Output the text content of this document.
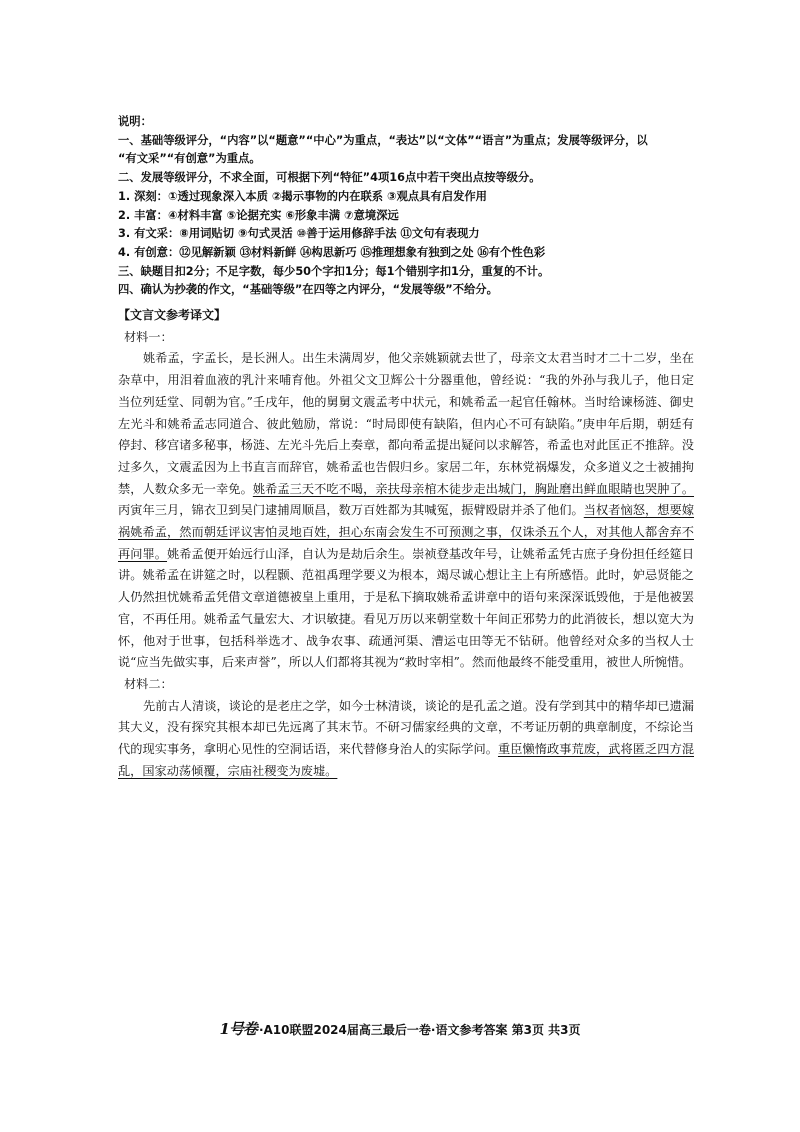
说明：

一、基础等级评分，“内容”以“题意”“中心”为重点，“表达”以“文体”“语言”为重点；发展等级评分，以

“有文采”“有创意”为重点。

二、发展等级评分，不求全面，可根据下列“特征”4项16点中若干突出点按等级分。

1. 深刻：①透过现象深入本质 ②揭示事物的内在联系 ③观点具有启发作用

2. 丰富：④材料丰富 ⑤论据充实 ⑥形象丰满 ⑦意境深远

3. 有文采：⑧用词贴切 ⑨句式灵活 ⑩善于运用修辞手法 ⑪文句有表现力

4. 有创意：⑫见解新颖 ⑬材料新鲜 ⑭构思新巧 ⑮推理想象有独到之处 ⑯有个性色彩

三、缺题目扣2分；不足字数，每少50个字扣1分；每1个错别字扣1分，重复的不计。

四、确认为抄袭的作文，“基础等级”在四等之内评分，“发展等级”不给分。

【文言文参考译文】

材料一：

姚希孟，字孟长，是长洲人。出生未满周岁，他父亲姚颖就去世了，母亲文太君当时才二十二岁，坐在杂草中，用泪着血液的乳汁来哺育他。外祖父文卫辉公十分器重他，曾经说：“我的外孙与我儿子，他日定当位列廷堂、同朝为官。”壬戌年，他的舅舅文震孟考中状元，和姚希孟一起官任翰林。当时给谏杨涟、御史左光斗和姚希孟志同道合、彼此勉励，常说：“时局即使有缺陷，但内心不可有缺陷。”庚申年后期，朝廷有停封、移宫诸多秘事，杨涟、左光斗先后上奏章，都向希孟提出疑问以求解答，希孟也对此匡正不推辞。没过多久，文震孟因为上书直言而辞官，姚希孟也告假归乡。家居二年，东林党祸爆发，众多道义之士被捕拘禁，人数众多无一幸免。姚希孟三天不吃不喝，亲扶母亲棺木徒步走出城门，胸趾磨出鲜血眼睛也哭肿了。丙寅年三月，锦衣卫到吴门逮捕周顺昌，数万百姓都为其喊冤，振臂殴尉并杀了他们。当权者恼怒，想要嫁祸姚希孟，然而朝廷评议害怕灵地百姓，担心东南会发生不可预测之事，仅诛杀五个人，对其他人都舍弃不再问罪。姚希孟便开始远行山泽，自认为是劫后余生。崇祯登基改年号，让姚希孟凭古庶子身份担任经筵日讲。姚希孟在讲筵之时，以程颢、范祖禹理学要义为根本，竭尽诚心想让主上有所感悟。此时，妒忌贤能之人仍然担忧姚希孟凭借文章道德被皇上重用，于是私下摘取姚希孟讲章中的语句来深深诋毁他，于是他被罢官，不再任用。姚希孟气量宏大、才识敏捷。看见万历以来朝堂数十年间正邪势力的此消彼长，想以宽大为怀，他对于世事，包括科举选才、战争农事、疏通河渠、漕运屯田等无不钻研。他曾经对众多的当权人士说“应当先做实事，后来声誉”，所以人们都将其视为“救时宰相”。然而他最终不能受重用，被世人所惋惜。

材料二：

先前古人清谈，谈论的是老庄之学，如今士林清谈，谈论的是孔孟之道。没有学到其中的精华却已遗漏其大义，没有探究其根本却已先远离了其末节。不研习儒家经典的文章，不考证历朝的典章制度，不综论当代的现实事务，拿明心见性的空洞话语，来代替修身治人的实际学问。重臣懒惰政事荒废，武将匿乏四方混乱，国家动荡倾覆，宗庙社稷变为废墟。

1号卷 ·A10联盟2024届高三最后一卷·语文参考答案 第3页 共3页
